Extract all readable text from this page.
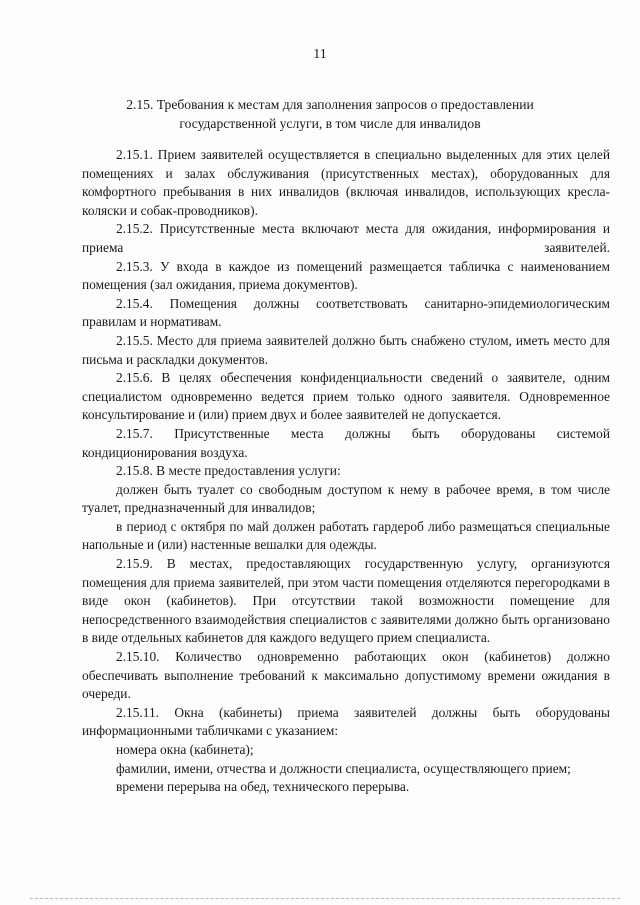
11
2.15. Требования к местам для заполнения запросов о предоставлении государственной услуги, в том числе для инвалидов

2.15.1. Прием заявителей осуществляется в специально выделенных для этих целей помещениях и залах обслуживания (присутственных местах), оборудованных для комфортного пребывания в них инвалидов (включая инвалидов, использующих кресла-коляски и собак-проводников).

2.15.2. Присутственные места включают места для ожидания, информирования и приема заявителей.

2.15.3. У входа в каждое из помещений размещается табличка с наименованием помещения (зал ожидания, приема документов).

2.15.4. Помещения должны соответствовать санитарно-эпидемиологическим правилам и нормативам.

2.15.5. Место для приема заявителей должно быть снабжено стулом, иметь место для письма и раскладки документов.

2.15.6. В целях обеспечения конфиденциальности сведений о заявителе, одним специалистом одновременно ведется прием только одного заявителя. Одновременное консультирование и (или) прием двух и более заявителей не допускается.

2.15.7. Присутственные места должны быть оборудованы системой кондиционирования воздуха.

2.15.8. В месте предоставления услуги:

должен быть туалет со свободным доступом к нему в рабочее время, в том числе туалет, предназначенный для инвалидов;

в период с октября по май должен работать гардероб либо размещаться специальные напольные и (или) настенные вешалки для одежды.

2.15.9. В местах, предоставляющих государственную услугу, организуются помещения для приема заявителей, при этом части помещения отделяются перегородками в виде окон (кабинетов). При отсутствии такой возможности помещение для непосредственного взаимодействия специалистов с заявителями должно быть организовано в виде отдельных кабинетов для каждого ведущего прием специалиста.

2.15.10. Количество одновременно работающих окон (кабинетов) должно обеспечивать выполнение требований к максимально допустимому времени ожидания в очереди.

2.15.11. Окна (кабинеты) приема заявителей должны быть оборудованы информационными табличками с указанием:

номера окна (кабинета);

фамилии, имени, отчества и должности специалиста, осуществляющего прием;

времени перерыва на обед, технического перерыва.
